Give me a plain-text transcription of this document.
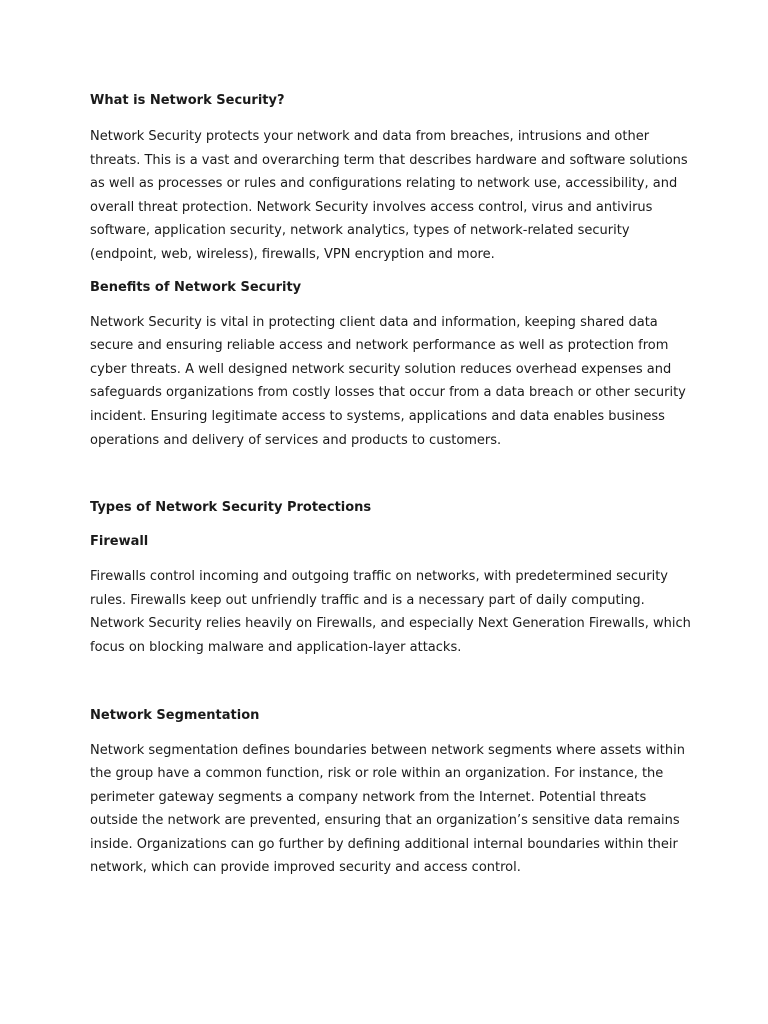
What is Network Security?
Network Security protects your network and data from breaches, intrusions and other
threats. This is a vast and overarching term that describes hardware and software solutions
as well as processes or rules and configurations relating to network use, accessibility, and
overall threat protection. Network Security involves access control, virus and antivirus
software, application security, network analytics, types of network-related security
(endpoint, web, wireless), firewalls, VPN encryption and more.
Benefits of Network Security
Network Security is vital in protecting client data and information, keeping shared data
secure and ensuring reliable access and network performance as well as protection from
cyber threats. A well designed network security solution reduces overhead expenses and
safeguards organizations from costly losses that occur from a data breach or other security
incident. Ensuring legitimate access to systems, applications and data enables business
operations and delivery of services and products to customers.
Types of Network Security Protections
Firewall
Firewalls control incoming and outgoing traffic on networks, with predetermined security
rules. Firewalls keep out unfriendly traffic and is a necessary part of daily computing.
Network Security relies heavily on Firewalls, and especially Next Generation Firewalls, which
focus on blocking malware and application-layer attacks.
Network Segmentation
Network segmentation defines boundaries between network segments where assets within
the group have a common function, risk or role within an organization. For instance, the
perimeter gateway segments a company network from the Internet. Potential threats
outside the network are prevented, ensuring that an organization’s sensitive data remains
inside. Organizations can go further by defining additional internal boundaries within their
network, which can provide improved security and access control.
